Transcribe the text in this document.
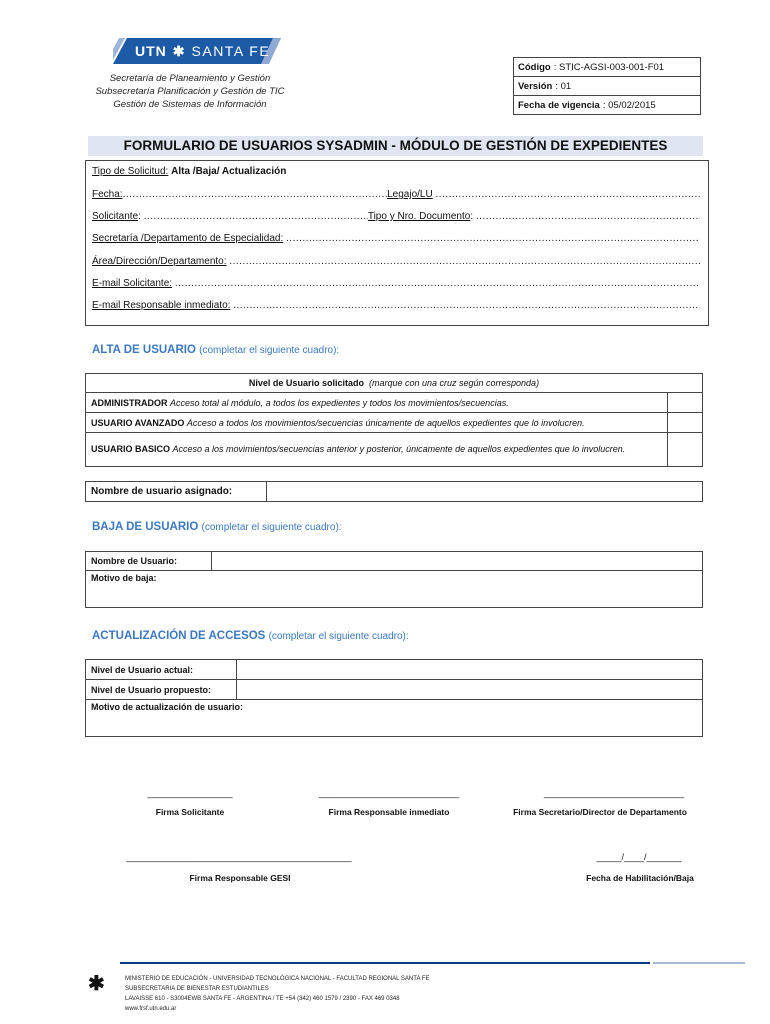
UTN ✱ SANTA FE
Secretaría de Planeamiento y Gestión
Subsecretaría Planificación y Gestión de TIC
Gestión de Sistemas de Información
Código : STIC-AGSI-003-001-F01
Versión : 01
Fecha de vigencia : 05/02/2015
FORMULARIO DE USUARIOS SYSADMIN - MÓDULO DE GESTIÓN DE EXPEDIENTES
Tipo de Solicitud:
Alta /Baja/ Actualización
Fecha: .....	Legajo/LU

.....
Solicitante : .....	Tipo y Nro. Documento :
.....
Secretaría /Departamento de Especialidad:

.....
Área/Dirección/Departamento:

.....
E-mail Solicitante:

.....
E-mail Responsable inmediato:

.....
ALTA DE USUARIO (completar el siguiente cuadro):
Nivel de Usuario solicitado (marque con una cruz según corresponda)	
ADMINISTRADOR Acceso total al módulo, a todos los expedientes y todos los movimientos/secuencias.	
USUARIO AVANZADO Acceso a todos los movimientos/secuencias únicamente de aquellos expedientes que lo involucren.	
USUARIO BASICO Acceso a los movimientos/secuencias anterior y posterior, únicamente de aquellos expedientes que lo involucren.	
Nombre de usuario asignado:	
BAJA DE USUARIO (completar el siguiente cuadro):
Nombre de Usuario:	
Motivo de baja:
ACTUALIZACIÓN DE ACCESOS (completar el siguiente cuadro):
Nivel de Usuario actual:	
Nivel de Usuario propuesto:	
Motivo de actualización de usuario:	
_________________
Firma Solicitante
____________________________
Firma Responsable inmediato
____________________________
Firma Secretario/Director de Departamento
_____________________________________________
Firma Responsable GESI
_____/____/_______
Fecha de Habilitación/Baja
✱	MINISTERIO DE EDUCACIÓN - UNIVERSIDAD TECNOLÓGICA NACIONAL - FACULTAD REGIONAL SANTA FE
SUBSECRETARIA DE BIENESTAR ESTUDIANTILES
LAVAISSE 610 - S3004EWB SANTA FE - ARGENTINA / TE +54 (342) 460 1579 / 2390 - FAX 469 0348
www.frsf.utn.edu.ar
